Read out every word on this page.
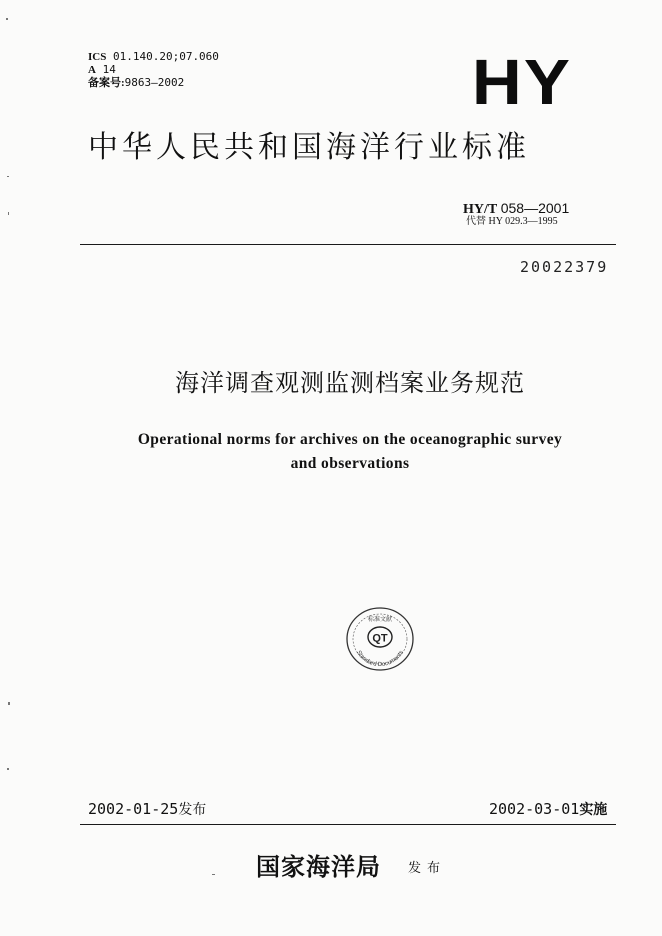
ICS 01.140.20;07.060
A 14
备案号:9863—2002	HY
中华人民共和国海洋行业标准
HY/T 058—2001
代替 HY 029.3—1995
20022379
海洋调查观测监测档案业务规范
Operational norms for archives on the oceanographic survey
and observations
QT
Standard Documents
标准文献
2002-01-25发布	2002-03-01实施
国家海洋局 发布
